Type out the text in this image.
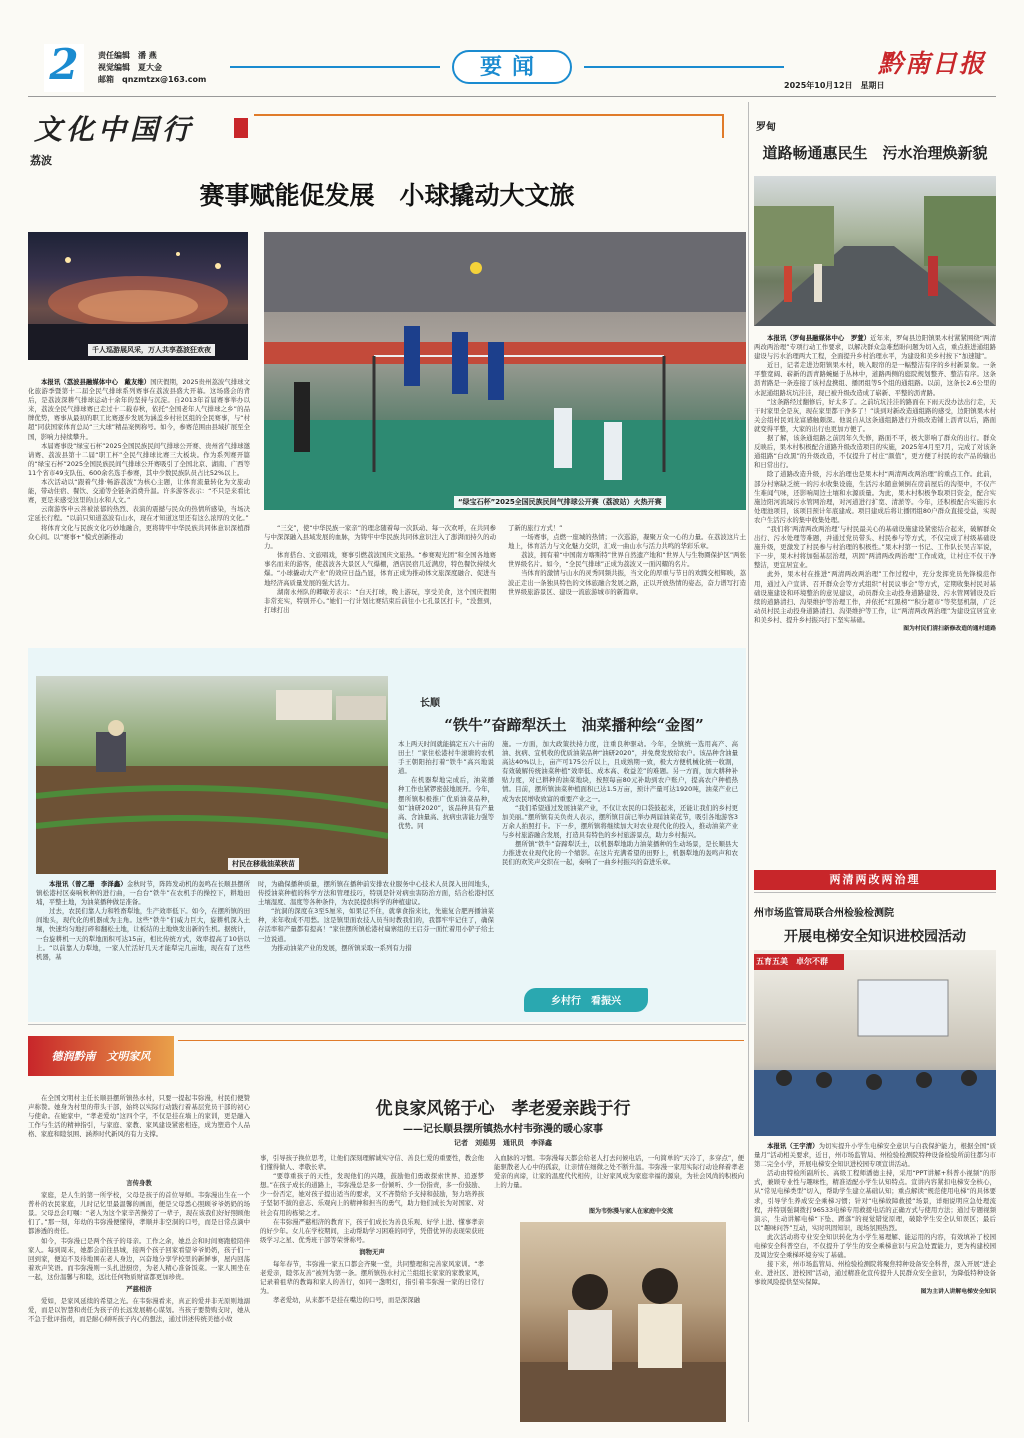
2	责任编辑　 潘 燕
视觉编辑　 夏大金
邮箱　 qnzmtzx@163.com	要闻
2025年10月12日　 星期日
黔南日报
文化中国行
荔波
赛事赋能促发展　小球撬动大文旅
千人巡游展风采，万人共享荔波狂欢夜
“绿宝石杯”2025全国民族民间气排球公开赛（荔波站）火热开赛

本报讯（荔波县融媒体中心　戴友维）国庆假期，2025贵州荔波气排球文化旅游季暨第十二届全民气排球系列赛事在荔波县盛大开幕。这场盛会的背后，是荔波深耕气排球运动十余年的坚持与沉淀。自2013年首届赛事举办以来，荔波全民气排球赛已走过十二载春秋，依托“全国老年人气排球之乡”的品牌优势，赛事从最初的职工比赛逐步发展为涵盖乡村社区组的全民赛事，与“村超”同获国家体育总局“三大球”精品案例称号。如今，参赛范围由县域扩展至全国，影响力持续攀升。

本届赛事设“绿宝石杯”2025全国民族民间气排球公开赛、贵州省气排球邀请赛、荔波县第十二届“职工杯”全民气排球比赛三大板块。作为系列赛开篇的“绿宝石杯”2025全国民族民间气排球公开赛吸引了全国北京、湖南、广西等11个省市49支队伍、600余名选手参赛，其中少数民族队员占比52%以上。

本次活动以“跟着气排·畅游荔波”为核心主题，让体育流量转化为文旅动能，带动住宿、餐饮、交通等全链条消费升温。许多游客表示：“不只是来看比赛，更是来感受这里的山水和人文。”

云南游客申云菩被浓郁的热烈、表演的震撼与民众的热情所感染，当场决定延长行程。“以前只知道荔波有山水，现在才知道这里还有这么浓厚的文化。”

将体育文化与民族文化巧妙地融合，更将铸牢中华民族共同体意识深植群众心间。以“赛事+”模式创新推动

“三交”，使“中华民族一家亲”的理念随着每一次跃动、每一次欢呼，在共同参与中深深融入县域发展的血脉，为铸牢中华民族共同体意识注入了澎湃而持久的动力。

体育搭台、文旅唱戏，赛事引燃荔波国庆文旅热。“参赛观光团”和全国各地赛事名而来的游客，使荔波各大景区人气爆棚，酒店民宿几近满房，特色餐饮持续火爆。“小球撬动大产业”的效应日益凸显，体育正成为推动体文旅深度融合、促进当地经济高质量发展的强大活力。

湖南永州队的卿敏芳表示：“白天打球，晚上游玩，享受美食，这个国庆假期非常充实，特别开心。”她们一行计划比赛结束后前往小七孔景区打卡，“没想到，打球打出

了新的旅行方式！”

一场赛事，点燃一座城的热情；一次巡游，凝聚万众一心的力量。在荔波这片土地上，体育活力与文化魅力交织，汇成一曲山水与活力共鸣的华彩乐章。

荔波，拥有着“中国南方喀斯特”世界自然遗产地和“世界人与生物圈保护区”两张世界级名片。如今，“全民气排球”正成为荔波又一面闪耀的名片。

当体育的激情与山水的灵秀同频共振，当文化的厚重与节日的欢腾交相辉映，荔波正走出一条独具特色的文体旅融合发展之路，正以开放热情的姿态，奋力谱写打造世界级旅游景区、建设一流旅游城市的新篇章。

罗甸
道路畅通惠民生　污水治理焕新貌

本报讯（罗甸县融媒体中心　罗萱）近年来，罗甸县边阳镇果木村紧紧围绕“两清两改两治理”专项行动工作要求，以解决群众急难愁盼问题为切入点，重点推进通组路建设与污水治理两大工程，全面提升乡村治理水平，为建设和美乡村按下“加速键”。

近日，记者走进边阳镇果木村，映入眼帘的是一幅整洁有序的乡村新景象。一条平整宽阔、崭新的沥青路蜿蜒于丛林中，道路两侧的庭院规划整齐、整洁有序。这条沥青路是一条连接了该村盘携组、播团组等5个组的通组路。以前，这条长2.6公里的水泥通组路坑坑洼洼，现已被升级改造成了崭新、平整的沥青路。

“这条路经过翻修后，好太多了。之前坑坑洼洼的路面在下雨天没办法出行走，天干时家里全是灰，现在家里都干净多了！”谈到对新改造通组路的感受，边阳镇果木村关会组村民刘龙富感触颇深。他说自从这条通组路进行升级改造铺上沥青以后，路面就变得平整，大家的出行也更加方便了。

据了解，该条通组路之前因年久失修，路面不平，极大影响了群众的出行。群众反映后，果木村积极配合道路升级改造项目的实施，2025年4月至7月，完成了对该条通组路“白改黑”的升级改造，不仅提升了村庄“颜值”，更方便了村民的农产品的输出和日常出行。

除了道路改造升级，污水治理也是果木村“两清两改两治理”的重点工作。此前，部分村寨缺乏统一的污水收集设施，生活污水随意倾倒在房前屋后的沟渠中，不仅产生难闻气味，还影响周边土壤和水源质量。为此，果木村积极争取项目资金，配合实施边阳河流域污水管网治理，对河道进行扩宽、清淤等。今年，还积极配合实施污水处理池项目，该项目预计年底建成。项目建成后将让播团组80户群众直接受益，实现农户生活污水的集中收集处理。

“我们将‘两清两改两治理’与村民最关心的基础设施建设紧密结合起来，破解群众出行、污水处理等难题，并通过党员带头、村民参与等方式，不仅完成了村级基础设施升级，更激发了村民参与村治理的积极性。”果木村第一书记、工作队长吴吉军说，下一步，果木村将加强基层治理，巩固“两清两改两治理”工作成效，让村庄不仅干净整洁，更宜居宜业。

此外，果木村在推进“两清两改两治理”工作过程中，充分发挥党员先锋模范作用，通过入户宣讲、召开群众会等方式组织“村民议事会”等方式，定期收集村民对基础设施建设和环境整治的意见建议，动员群众主动投身道路建设、污水管网铺设及后续的道路清扫、沟渠维护等治理工作，并依托“红黑榜”“积分超市”等奖惩机制，广泛动员村民主动投身道路清扫、沟渠维护等工作，让“两清两改两治理”为建设宜居宜业和美乡村、提升乡村振兴打下坚实基础。

图为村民们清扫新修改造的通村道路

两清两改两治理
村民在移栽油菜秧苗
长顺
“铁牛”奋蹄犁沃土　油菜播种绘“金图”

本上两天时间就能搞定五六十亩的田土！”家住松港村牛滚塘的农机手王朝阳拍打着“铁牛”高兴地说道。

在机器犁地完成后，油菜播种工作也紧锣密鼓地展开。今年，摆所镇积极推广优质油菜品种，如“油研2020”，该品种具有产量高、含油量高、抗病虫害能力强等优势。同

施。一方面，加大政策扶持力度，注重良种驱动。今年，全镇统一选用高产、高油、抗病、宜机收的优质油菜品种“油研2020”，并免费发放给农户。该品种含油量高达40%以上，亩产可175公斤以上，且成熟期一致，极大方便机械化统一收割，有效破解传统油菜种植“效率低、成本高、收益差”的难题。另一方面，加大耕种补贴力度，对已耕种的油菜地块，按照每亩80元补助到农户账户，提高农户种植热情。目前，摆所镇油菜种植面积已达1.5万亩，预计产量可达1920吨，油菜产业已成为农民增收致富的重要产业之一。

“我们希望通过发展油菜产业，不仅让农民的口袋鼓起来，还能让我们的乡村更加美丽。”摆所镇有关负责人表示，摆所镇目前已举办两届油菜花节，吸引各地游客3万余人拍照打卡。下一步，摆所镇将继续加大对农业现代化的投入，推动油菜产业与乡村旅游融合发展，打造具有特色的乡村旅游景点，助力乡村振兴。

摆所镇“铁牛”奋蹄犁沃土，以机器犁地助力油菜播种的生动场景，是长顺县大力推进农业现代化的一个缩影。在这片充满希望的田野上，机器犁地的轰鸣声和农民们的欢笑声交织在一起，奏响了一曲乡村振兴的奋进乐章。

本报讯（曾乙珊　李泽鑫）金秋时节，阵阵发动机的轰鸣在长顺县摆所镇松港村区奏响秋种的进行曲，一台台“铁牛”在农机手的操控下，耕地田埔，平整土地，为油菜播种做足准备。

过去，农民们靠人力和牲畜犁地，生产效率低下。如今，在摆所镇的田间地头，现代化的机器成为主角。这些“铁牛”们威力巨大，旋耕机深入土壤，快速均匀地打碎和翻松土地，让板结的土地焕发出新的生机。据统计，一台旋耕机一天的犁地面积可达15亩，相比传统方式，效率提高了10倍以上。“以前靠人力犁地，一家人忙活好几天才能犁完几亩地，现在有了这些机器，基

时，为确保播种质量，摆所镇在播种前安排农业服务中心技术人员深入田间地头，传授油菜种植的科学方法和管理技巧，特别是针对病虫害防治方面，结合松港村区土壤湿度、温度等各种条件，为农民提供科学的种植建议。

“抗洞的深度在3至5厘米，如果记不住，就拿食指来比，先施复合肥再播油菜种，来年收成不用愁。这是镇里面农技人员当时教我们的，我都牢牢记住了，确保存活率和产量都有提高！”家住摆所镇松港村扁寨组的王启芬一面忙着用小铲子给土一边说道。

为推动油菜产业的发展，摆所镇采取一系列有力措

乡村行　看振兴
州市场监管局联合州检验检测院
开展电梯安全知识进校园活动
五育五美　卓尔不群

本报讯（王宇清）为切实提升小学生电梯安全意识与自我保护能力，根据全国“质量月”活动相关要求，近日，州市场监管局、州检验检测院特种设备检验所前往都匀市第二完全小学，开展电梯安全知识进校园专项宣讲活动。

活动由特检所副所长、高级工程师潘德主持，采用“PPT讲解+科普小视频”的形式，兼顾专业性与趣味性，精准适配小学生认知特点。宣讲内容紧扣电梯安全核心，从“常见电梯类型”切入，帮助学生建立基础认知；重点解读“规范使用电梯”的具体要求，引导学生养成安全乘梯习惯；针对“电梯故障救援”场景，详细说明应急处理流程，并特别强调拨打96533电梯专用救援电话的正确方式与使用方法；通过专题视频演示，生动讲解电梯“下坠、蹲落”的视觉错觉原理，破除学生安全认知误区；最后以“趣味问答”互动，实时巩固知识，现场氛围热烈。

此次活动将专业安全知识转化为小学生易理解、能运用的内容，有效填补了校园电梯安全科普空白，不仅提升了学生的安全乘梯意识与应急处置能力，更为构建校园及周边安全乘梯环境夯实了基础。

接下来，州市场监管局、州检验检测院将聚焦特种设备安全科普，深入开展“进企业、进社区、进校园”活动，通过精准化宣传提升人民群众安全意识，为降低特种设备事故风险提供坚实保障。

图为主讲人讲解电梯安全知识

德润黔南　文明家风
优良家风铭于心　孝老爱亲践于行
——记长顺县摆所镇热水村韦弥漫的暖心家事
记者　刘茹男　通讯员　李泽鑫

在全国文明村主任长顺县摆所镇热水村，只要一提起韦弥漫，村民们便赞声称赞。她身为村里的带头干部，始终以实际行动践行着基层党员干部的初心与使命。在她家中，“孝老爱幼”这四个字，不仅是挂在墙上的家训，更是融入工作与生活的精神指引，与家庭、家教、家风建设紧密相连，成为塑造个人品格、家庭和睦氛围、涵养时代新风的有力支撑。

言传身教

家庭，是人生的第一所学校，父母是孩子的首位导师。韦弥漫出生在一个普朴的农民家庭，儿时记忆里最温馨的画面，便是父母悉心照顾爷爷奶奶的场景。父母总会叮嘱：“老人为这个家辛苦操劳了一辈子，现在该我们好好照顾他们了。”那一刻，年幼的韦弥漫便懂得，孝顺并非空洞的口号，而是日常点滴中都渗透的责任。

如今，韦弥漫已是两个孩子的母亲。工作之余，她总会和时间赛跑般陪伴家人。每到周末，她都会前往县城，接两个孩子回家看望爷爷奶奶，孩子们一回到家，便迫不及待地围在老人身边，兴奋地分享学校里的新鲜事，屋内回荡着欢声笑语。而韦弥漫则一头扎进厨房，为老人精心准备饭菜。一家人围坐在一起，这份温馨与和睦，远比任何物质财富都更加珍贵。

严慈相济

爱如，是家风延续的希望之光。在韦弥漫看来，真正的爱并非无原则地溺爱，而是以智慧和责任为孩子的长远发展精心谋划。当孩子要赞购支时，她从不急于批评指责，而是耐心倾听孩子内心的想法，通过讲述传统美德小故

事，引导孩子换位思考，让他们深刻理解诚实守信、善良仁爱的重要性，教会他们懂得做人、孝敬长辈。

“要尊重孩子的天性，发现他们的兴趣，鼓励他们勇敢探索世界、追逐梦想。”在孩子成长的道路上，韦弥漫总是多一份倾听、少一份指责，多一份鼓励、少一份否定，她对孩子提出适当的要求，又不吝赞给予支持和鼓励，努力培养孩子坚韧不拔的意志、乐观向上的精神和担当的勇气，助力他们成长为对国家、对社会有用的栋梁之才。

在韦弥漫严慈相济的教育下，孩子们成长为善良乐观、好学上进、懂事孝亲的好少年。女儿在学校期间，主动帮助学习困难的同学，凭借优异的表现荣获班级学习之星、优秀班干部等荣誉称号。

润物无声

每年春节，韦弥漫一家五口都会齐聚一堂，共同整理和完善家风家训。“孝老爱亲，睦邻友善”被列为第一条。摆所镇热水村元兰组组长家家的家教家风，记录着祖辈的教诲和家人的善行，如同一盏明灯，指引着韦弥漫一家的日常行为。

孝老爱幼，从来都不是挂在嘴边的口号，而是深深融

入血脉的习惯。韦弥漫每天都会给老人打去问候电话，一句简单的“天冷了，多穿点”，便能驱散老人心中的孤寂，让亲情在细微之处不断升温。韦弥漫一家用实际行动诠释着孝老爱亲的真谛，让家的温度代代相传，让好家风成为家庭幸福的源泉，为社会风尚的积极向上的力量。

图为韦弥漫与家人在家庭中交流
